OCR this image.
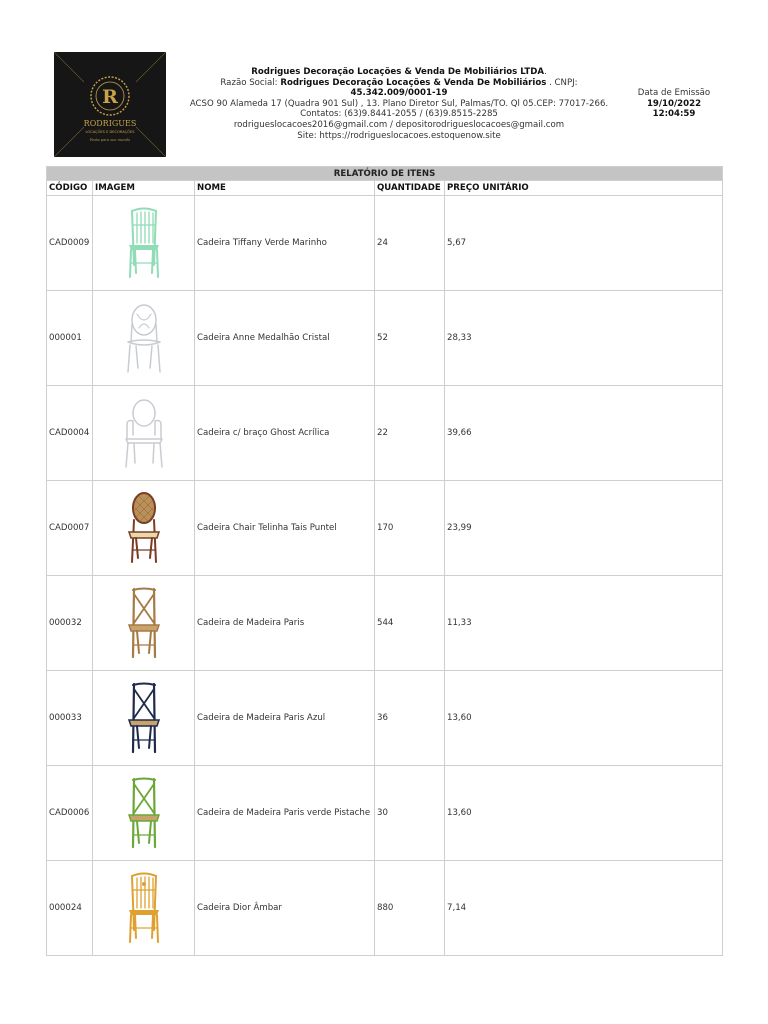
R
RODRIGUES
LOCAÇÕES E DECORAÇÕES
Festa para seu mundo
Rodrigues Decoração Locações & Venda De Mobiliários LTDA.
Razão Social: Rodrigues Decoração Locações & Venda De Mobiliários . CNPJ:
45.342.009/0001-19
ACSO 90 Alameda 17 (Quadra 901 Sul) , 13. Plano Diretor Sul, Palmas/TO. Ql 05.CEP: 77017-266.
Contatos: (63)9.8441-2055 / (63)9.8515-2285
rodrigueslocacoes2016@gmail.com / depositorodrigueslocacoes@gmail.com
Site: https://rodrigueslocacoes.estoquenow.site
Data de Emissão
19/10/2022
12:04:59
RELATÓRIO DE ITENS				
CÓDIGO	IMAGEM	NOME	QUANTIDADE	PREÇO UNITÁRIO
CAD0009		Cadeira Tiffany Verde Marinho	24	5,67
000001		Cadeira Anne Medalhão Cristal	52	28,33
CAD0004		Cadeira c/ braço Ghost Acrílica	22	39,66
CAD0007		Cadeira Chair Telinha Tais Puntel	170	23,99
000032		Cadeira de Madeira Paris	544	11,33
000033		Cadeira de Madeira Paris Azul	36	13,60
CAD0006		Cadeira de Madeira Paris verde Pistache	30	13,60
000024		Cadeira Dior Âmbar	880	7,14
